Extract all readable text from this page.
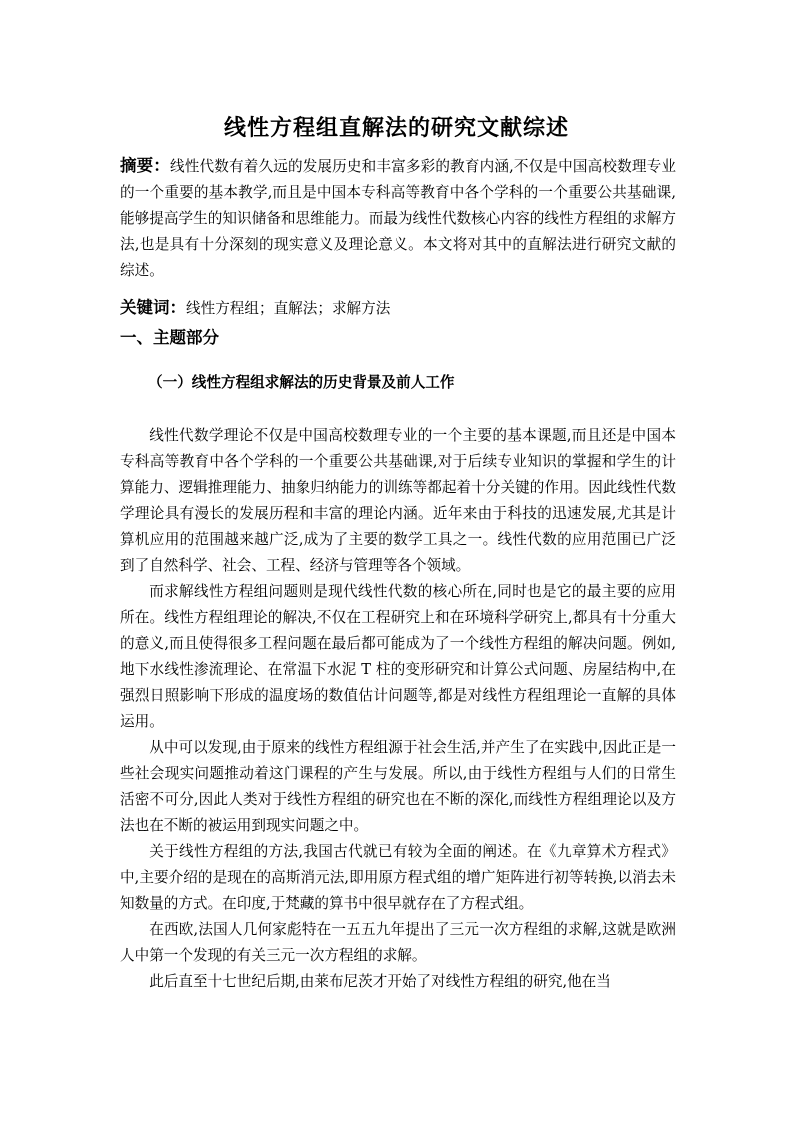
线性方程组直解法的研究文献综述
摘要：线性代数有着久远的发展历史和丰富多彩的教育内涵,不仅是中国高校数理专业的一个重要的基本教学,而且是中国本专科高等教育中各个学科的一个重要公共基础课,能够提高学生的知识储备和思维能力。而最为线性代数核心内容的线性方程组的求解方法,也是具有十分深刻的现实意义及理论意义。本文将对其中的直解法进行研究文献的综述。
关键词：线性方程组；直解法；求解方法
一、主题部分
（一）线性方程组求解法的历史背景及前人工作

线性代数学理论不仅是中国高校数理专业的一个主要的基本课题,而且还是中国本专科高等教育中各个学科的一个重要公共基础课,对于后续专业知识的掌握和学生的计算能力、逻辑推理能力、抽象归纳能力的训练等都起着十分关键的作用。因此线性代数学理论具有漫长的发展历程和丰富的理论内涵。近年来由于科技的迅速发展,尤其是计算机应用的范围越来越广泛,成为了主要的数学工具之一。线性代数的应用范围已广泛到了自然科学、社会、工程、经济与管理等各个领域。

而求解线性方程组问题则是现代线性代数的核心所在,同时也是它的最主要的应用所在。线性方程组理论的解决,不仅在工程研究上和在环境科学研究上,都具有十分重大的意义,而且使得很多工程问题在最后都可能成为了一个线性方程组的解决问题。例如,地下水线性渗流理论、在常温下水泥 T 柱的变形研究和计算公式问题、房屋结构中,在强烈日照影响下形成的温度场的数值估计问题等,都是对线性方程组理论一直解的具体运用。

从中可以发现,由于原来的线性方程组源于社会生活,并产生了在实践中,因此正是一些社会现实问题推动着这门课程的产生与发展。所以,由于线性方程组与人们的日常生活密不可分,因此人类对于线性方程组的研究也在不断的深化,而线性方程组理论以及方法也在不断的被运用到现实问题之中。

关于线性方程组的方法,我国古代就已有较为全面的阐述。在《九章算术方程式》中,主要介绍的是现在的高斯消元法,即用原方程式组的增广矩阵进行初等转换,以消去未知数量的方式。在印度,于梵藏的算书中很早就存在了方程式组。

在西欧,法国人几何家彪特在一五五九年提出了三元一次方程组的求解,这就是欧洲人中第一个发现的有关三元一次方程组的求解。

此后直至十七世纪后期,由莱布尼茨才开始了对线性方程组的研究,他在当
